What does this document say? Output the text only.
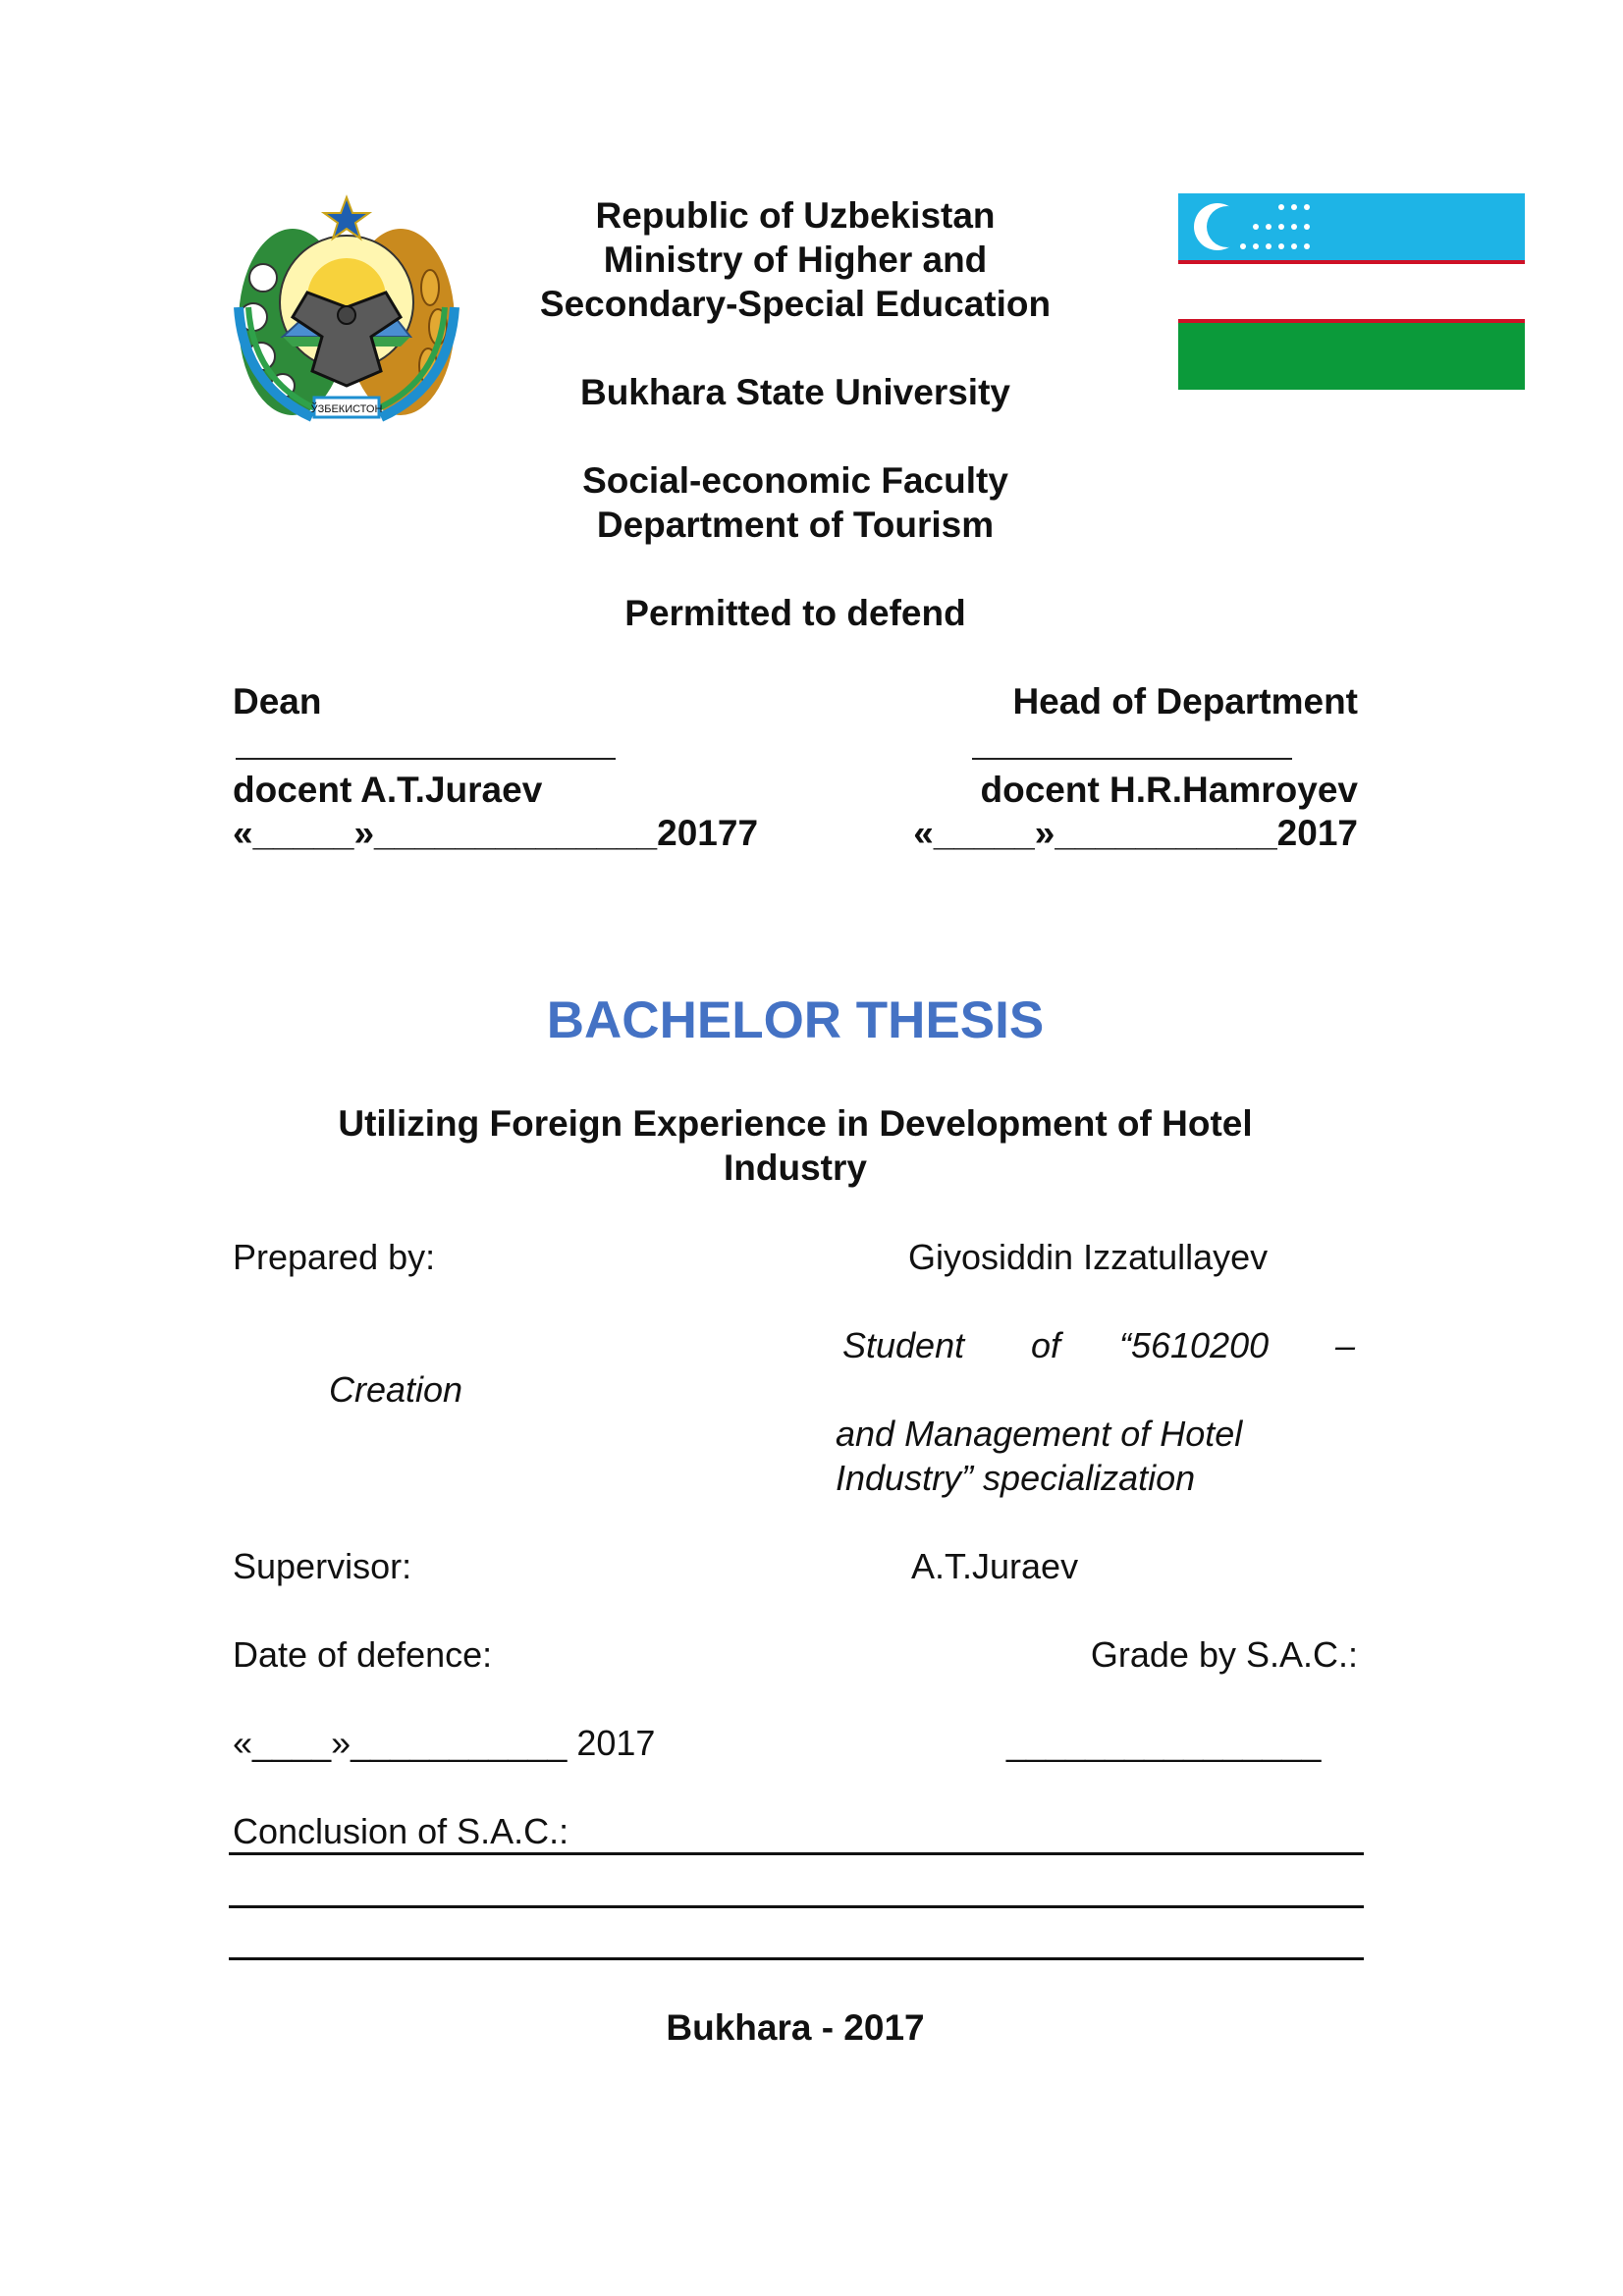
ЎЗБЕКИСТОН
Republic of Uzbekistan
Ministry of Higher and
Secondary-Special Education
Bukhara State University
Social-economic Faculty
Department of Tourism
Permitted to defend
Dean	Head of Department
docent A.T.Juraev	docent H.R.Hamroyev
«_____»______________20177	«_____»___________2017
BACHELOR THESIS
Utilizing Foreign Experience in Development of Hotel
Industry
Prepared by:	Giyosiddin Izzatullayev
Student of “5610200 –
Creation
and Management of Hotel
Industry” specialization
Supervisor:	A.T.Juraev
Date of defence:	Grade by S.A.C.:
«____»___________ 2017	________________
Conclusion of S.A.C.:
Bukhara - 2017
